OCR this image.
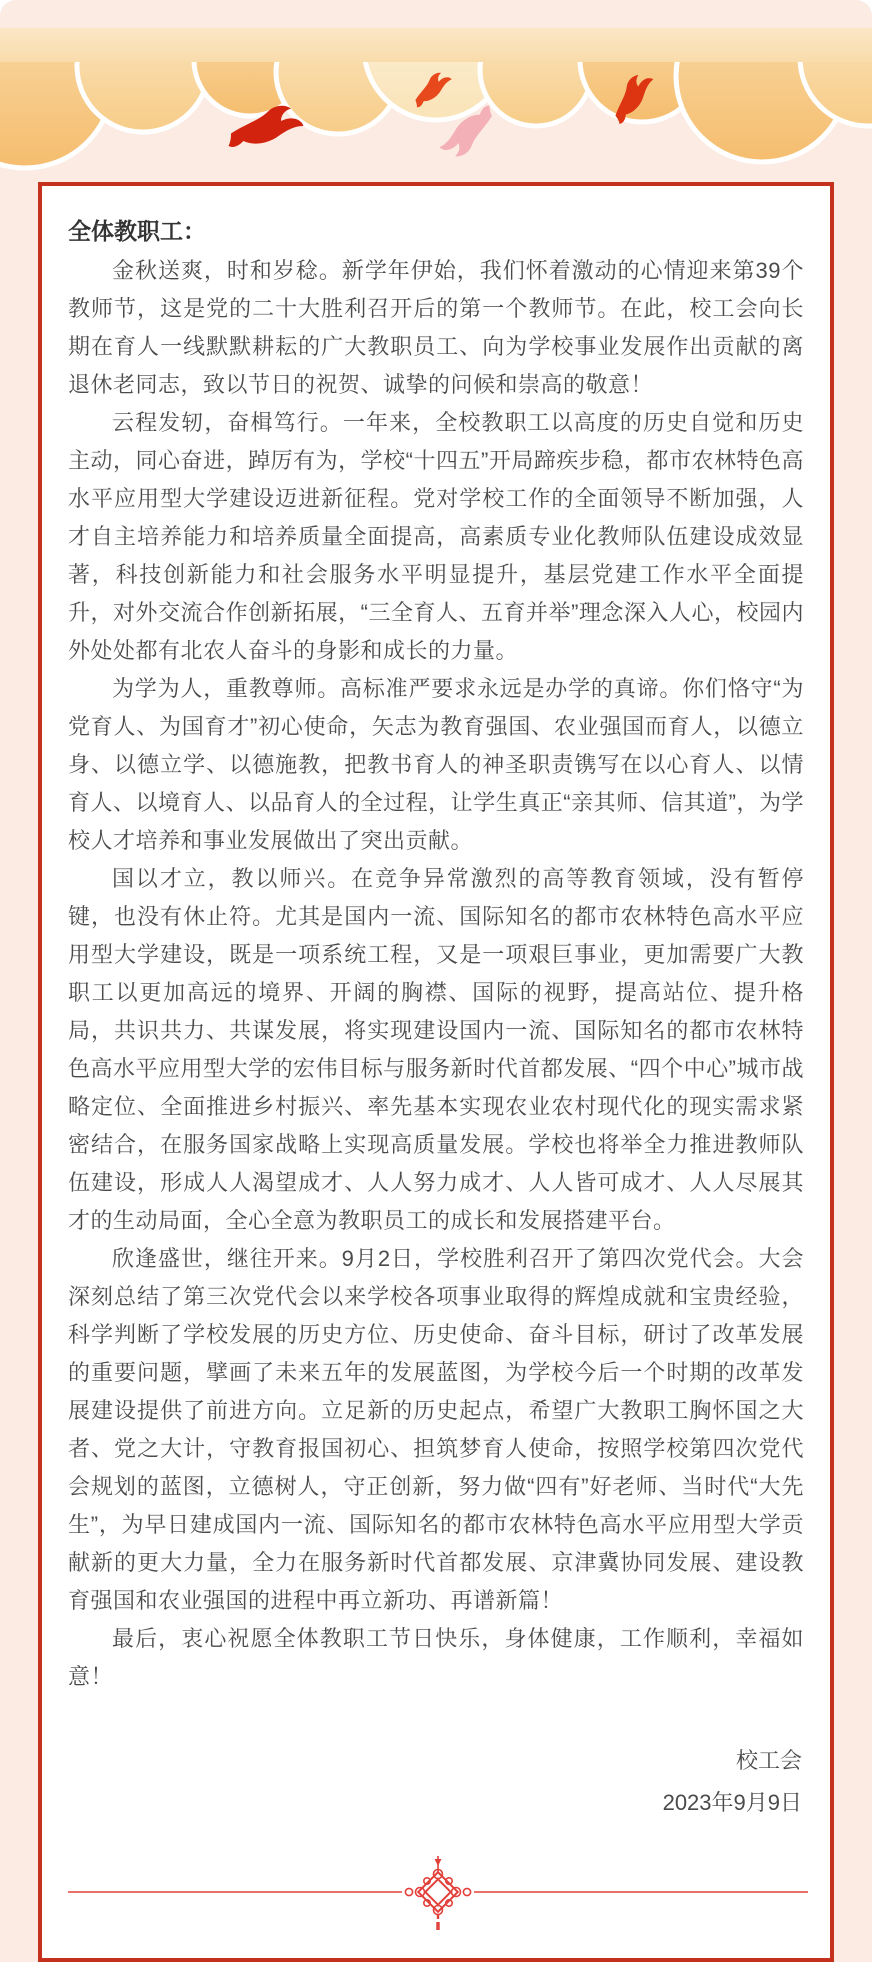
全体教职工：

金秋送爽，时和岁稔。新学年伊始，我们怀着激动的心情迎来第39个教师节，这是党的二十大胜利召开后的第一个教师节。在此，校工会向长期在育人一线默默耕耘的广大教职员工、向为学校事业发展作出贡献的离退休老同志，致以节日的祝贺、诚挚的问候和崇高的敬意！

云程发轫，奋楫笃行。一年来，全校教职工以高度的历史自觉和历史主动，同心奋进，踔厉有为，学校“十四五”开局蹄疾步稳，都市农林特色高水平应用型大学建设迈进新征程。党对学校工作的全面领导不断加强，人才自主培养能力和培养质量全面提高，高素质专业化教师队伍建设成效显著，科技创新能力和社会服务水平明显提升，基层党建工作水平全面提升，对外交流合作创新拓展，“三全育人、五育并举”理念深入人心，校园内外处处都有北农人奋斗的身影和成长的力量。

为学为人，重教尊师。高标准严要求永远是办学的真谛。你们恪守“为党育人、为国育才”初心使命，矢志为教育强国、农业强国而育人，以德立身、以德立学、以德施教，把教书育人的神圣职责镌写在以心育人、以情育人、以境育人、以品育人的全过程，让学生真正“亲其师、信其道”，为学校人才培养和事业发展做出了突出贡献。

国以才立，教以师兴。在竞争异常激烈的高等教育领域，没有暂停键，也没有休止符。尤其是国内一流、国际知名的都市农林特色高水平应用型大学建设，既是一项系统工程，又是一项艰巨事业，更加需要广大教职工以更加高远的境界、开阔的胸襟、国际的视野，提高站位、提升格局，共识共力、共谋发展，将实现建设国内一流、国际知名的都市农林特色高水平应用型大学的宏伟目标与服务新时代首都发展、“四个中心”城市战略定位、全面推进乡村振兴、率先基本实现农业农村现代化的现实需求紧密结合，在服务国家战略上实现高质量发展。学校也将举全力推进教师队伍建设，形成人人渴望成才、人人努力成才、人人皆可成才、人人尽展其才的生动局面，全心全意为教职员工的成长和发展搭建平台。

欣逢盛世，继往开来。9月2日，学校胜利召开了第四次党代会。大会深刻总结了第三次党代会以来学校各项事业取得的辉煌成就和宝贵经验，科学判断了学校发展的历史方位、历史使命、奋斗目标，研讨了改革发展的重要问题，擘画了未来五年的发展蓝图，为学校今后一个时期的改革发展建设提供了前进方向。立足新的历史起点，希望广大教职工胸怀国之大者、党之大计，守教育报国初心、担筑梦育人使命，按照学校第四次党代会规划的蓝图，立德树人，守正创新，努力做“四有”好老师、当时代“大先生”，为早日建成国内一流、国际知名的都市农林特色高水平应用型大学贡献新的更大力量，全力在服务新时代首都发展、京津冀协同发展、建设教育强国和农业强国的进程中再立新功、再谱新篇！

最后，衷心祝愿全体教职工节日快乐，身体健康，工作顺利，幸福如意！

校工会
2023年9月9日
